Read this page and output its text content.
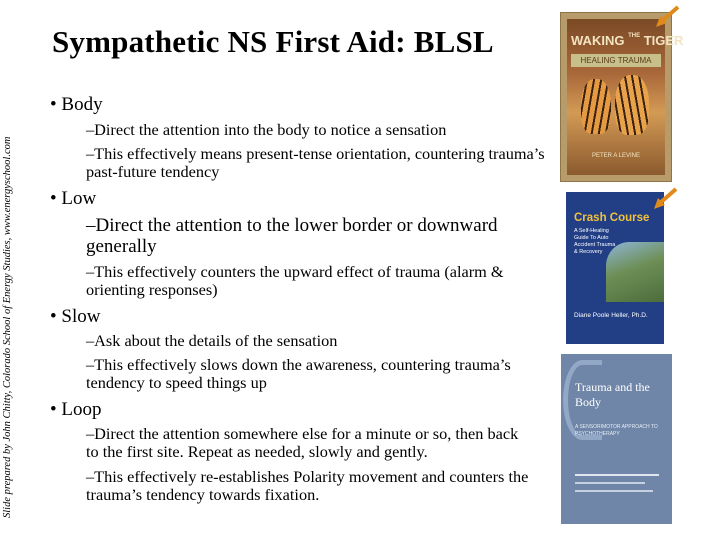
Sympathetic NS First Aid: BLSL
Slide prepared by John Chitty, Colorado School of Energy Studies, www.energyschool.com
• Body
–Direct the attention into the body to notice a sensation
–This effectively means present-tense orientation, countering trauma’s past-future tendency
• Low
–Direct the attention to the lower border or downward generally
–This effectively counters the upward effect of trauma (alarm & orienting responses)
• Slow
–Ask about the details of the sensation
–This effectively slows down the awareness, countering trauma’s tendency to speed things up
• Loop
–Direct the attention somewhere else for a minute or so, then back to the first site. Repeat as needed, slowly and gently.
–This effectively re-establishes Polarity movement and counters the trauma’s tendency towards fixation.
WAKING $^{THE}$ TIGER
HEALING TRAUMA
PETER A LEVINE
Crash Course
A Self-Healing Guide To Auto Accident Trauma & Recovery
Diane Poole Heller, Ph.D.
Trauma and the Body
A SENSORIMOTOR APPROACH TO PSYCHOTHERAPY
